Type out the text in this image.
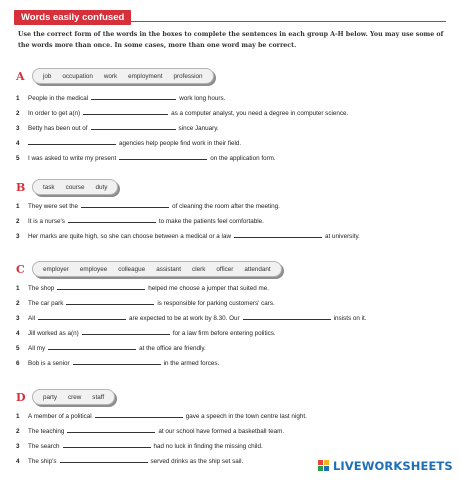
Words easily confused
Use the correct form of the words in the boxes to complete the sentences in each group A-H below. You may use some of the words more than once. In some cases, more than one word may be correct.
A	job occupation work employment profession
1	People in the medical	work long hours.
2	In order to get a(n)	as a computer analyst, you need a degree in computer science.
3	Betty has been out of	since January.
4	agencies help people find work in their field.
5	I was asked to write my present	on the application form.
B	task course duty
1	They were set the	of cleaning the room after the meeting.
2	It is a nurse's	to make the patients feel comfortable.
3	Her marks are quite high, so she can choose between a medical or a law	at university.
C	employer employee colleague assistant clerk officer attendant
1	The shop	helped me choose a jumper that suited me.
2	The car park	is responsible for parking customers' cars.
3	All	are expected to be at work by 8.30. Our	insists on it.
4	Jill worked as a(n)	for a law firm before entering politics.
5	All my	at the office are friendly.
6	Bob is a senior	in the armed forces.
D	party crew staff
1	A member of a political	gave a speech in the town centre last night.
2	The teaching	at our school have formed a basketball team.
3	The search	had no luck in finding the missing child.
4	The ship's	served drinks as the ship set sail.	LIVEWORKSHEETS
